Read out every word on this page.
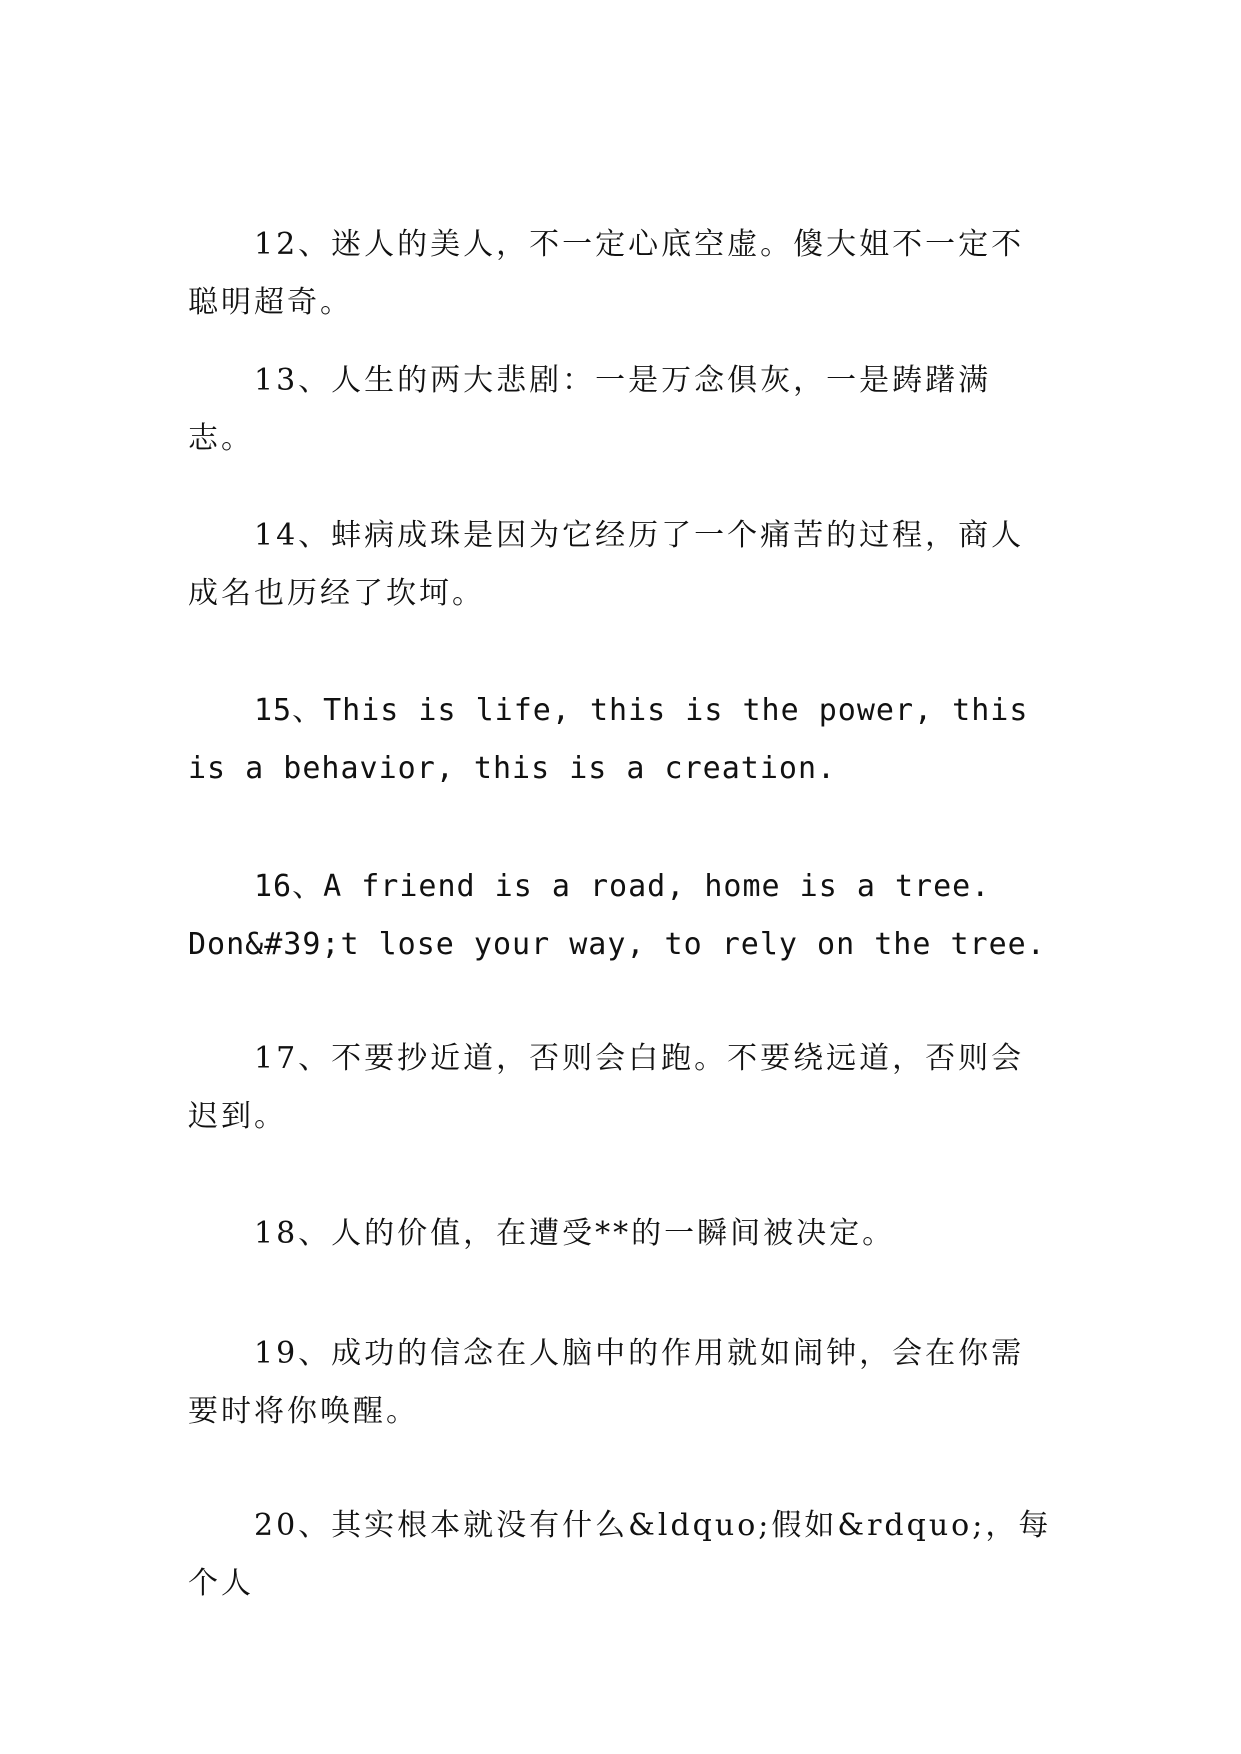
12、迷人的美人，不一定心底空虚。傻大姐不一定不聪明超奇。

13、人生的两大悲剧：一是万念俱灰，一是踌躇满志。

14、蚌病成珠是因为它经历了一个痛苦的过程，商人成名也历经了坎坷。

15、This is life, this is the power, this is a behavior, this is a creation.

16、A friend is a road, home is a tree. Don&#39;t lose your way, to rely on the tree.

17、不要抄近道，否则会白跑。不要绕远道，否则会迟到。

18、人的价值，在遭受**的一瞬间被决定。

19、成功的信念在人脑中的作用就如闹钟，会在你需要时将你唤醒。

20、其实根本就没有什么&ldquo;假如&rdquo;，每个人
